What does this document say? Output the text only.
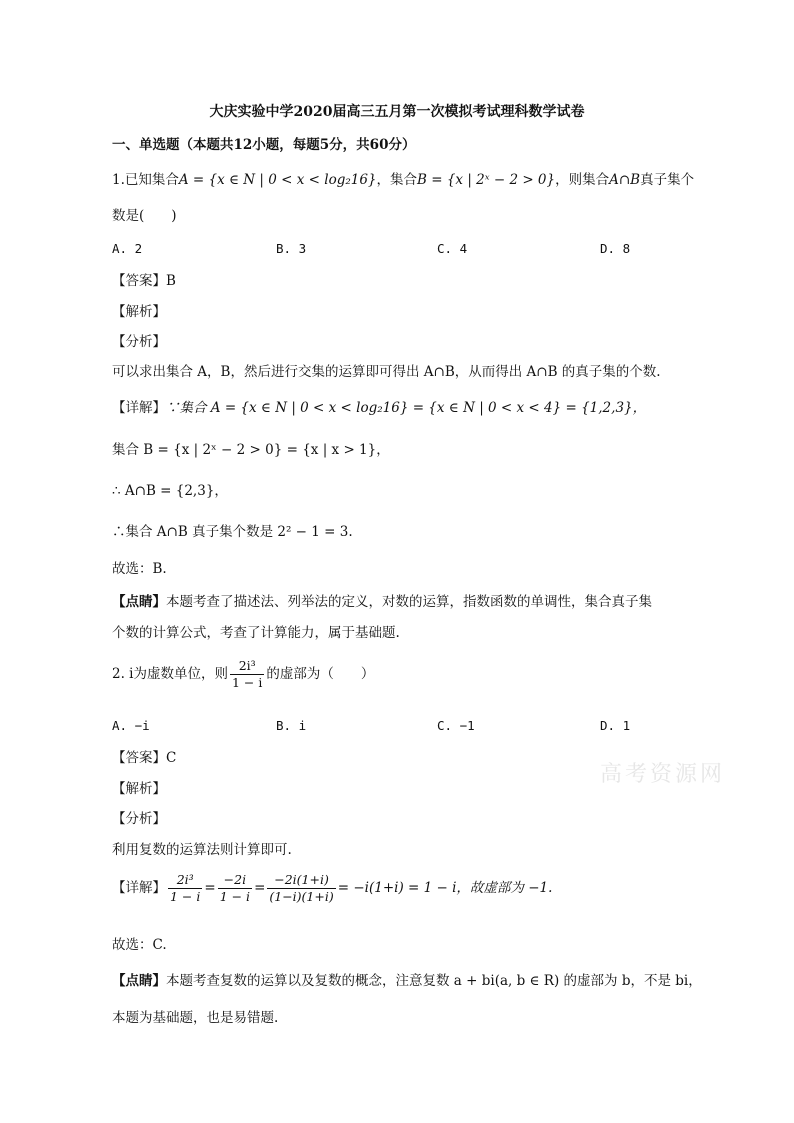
大庆实验中学2020届高三五月第一次模拟考试理科数学试卷
一、单选题（本题共12小题，每题5分，共60分）
1.已知集合A = {x ∈ N | 0 < x < log₂16}，集合B = {x | 2ˣ − 2 > 0}，则集合A∩B真子集个
数是(　　)
A. 2	B. 3	C. 4	D. 8
【答案】B
【解析】
【分析】
可以求出集合 A，B，然后进行交集的运算即可得出 A∩B，从而得出 A∩B 的真子集的个数.
【详解】∵集合 A = {x ∈ N | 0 < x < log₂16} = {x ∈ N | 0 < x < 4} = {1,2,3}，
集合 B = {x | 2ˣ − 2 > 0} = {x | x > 1}，
∴ A∩B = {2,3}，
∴集合 A∩B 真子集个数是 2² − 1 = 3.
故选：B.
【点睛】本题考查了描述法、列举法的定义，对数的运算，指数函数的单调性，集合真子集
个数的计算公式，考查了计算能力，属于基础题.
2. i为虚数单位，则 $\frac{\text{2i³}}{1 - i}$ 的虚部为（　　）
A. −i	B. i	C. −1	D. 1
【答案】C
【解析】
【分析】
利用复数的运算法则计算即可.
【详解】 $\frac{\text{2i³}}{1 - i} = \frac{-2i}{1 - i} = \frac{-2i(1+i)}{(1-i)(1+i)} = -i(1+i) = 1 - i$，故虚部为 −1.
故选：C.
【点睛】本题考查复数的运算以及复数的概念，注意复数 a + bi(a, b ∈ R) 的虚部为 b，不是 bi，
本题为基础题，也是易错题.
高考资源网
